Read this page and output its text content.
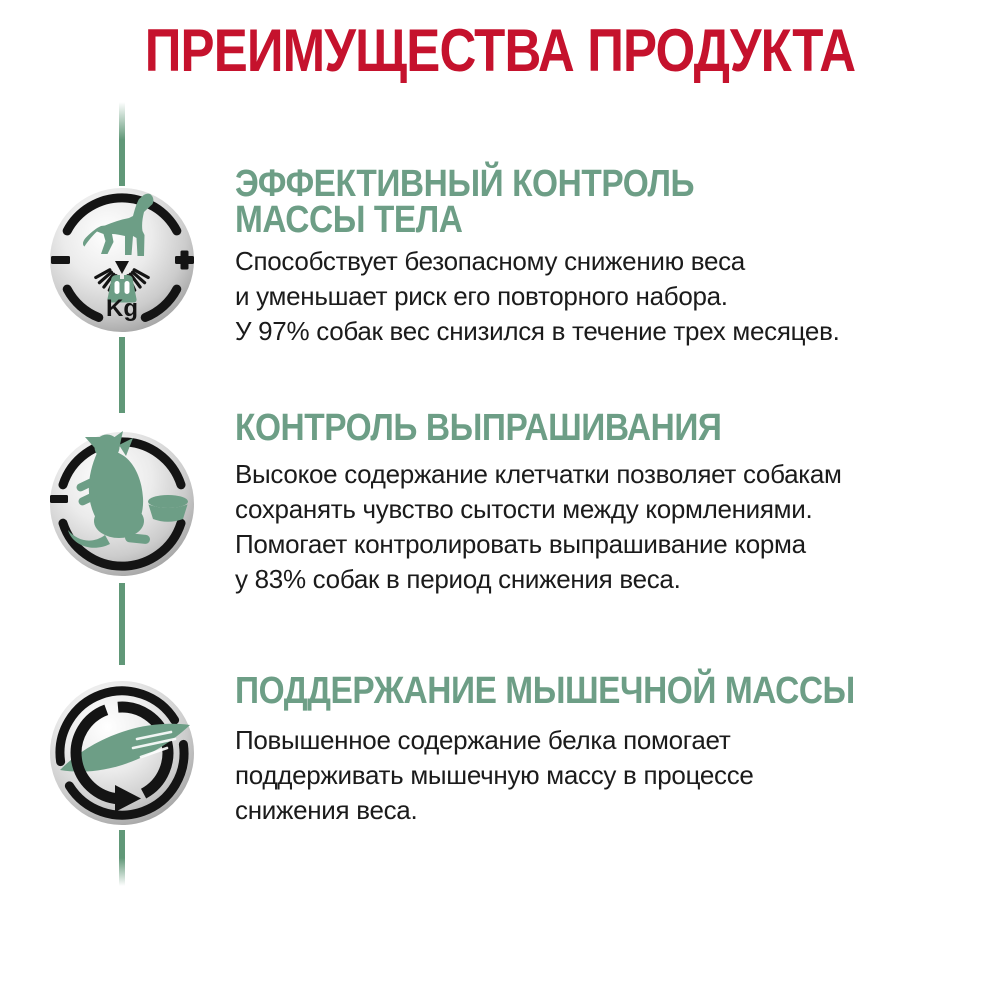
ПРЕИМУЩЕСТВА ПРОДУКТА
Kg
ЭФФЕКТИВНЫЙ КОНТРОЛЬ
МАССЫ ТЕЛА
Способствует безопасному снижению веса
и уменьшает риск его повторного набора.
У 97% собак вес снизился в течение трех месяцев.
КОНТРОЛЬ ВЫПРАШИВАНИЯ
Высокое содержание клетчатки позволяет собакам
сохранять чувство сытости между кормлениями.
Помогает контролировать выпрашивание корма
у 83% собак в период снижения веса.
ПОДДЕРЖАНИЕ МЫШЕЧНОЙ МАССЫ
Повышенное содержание белка помогает
поддерживать мышечную массу в процессе
снижения веса.
